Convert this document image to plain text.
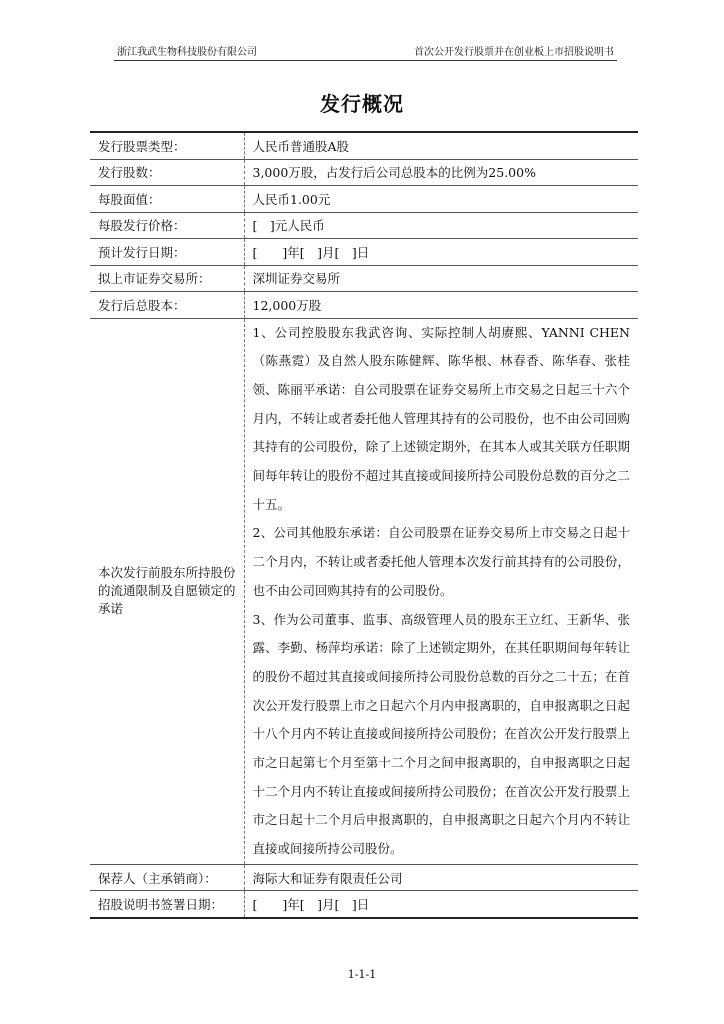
浙江我武生物科技股份有限公司	首次公开发行股票并在创业板上市招股说明书
发行概况
发行股票类型：	人民币普通股A股
发行股数：	3,000万股，占发行后公司总股本的比例为25.00%
每股面值：	人民币1.00元
每股发行价格：	[　]元人民币
预计发行日期：	[　　]年[　]月[　]日
拟上市证券交易所：	深圳证券交易所
发行后总股本：	12,000万股
本次发行前股东所持股份的流通限制及自愿锁定的承诺	1、公司控股股东我武咨询、实际控制人胡赓熙、YANNI CHEN（陈燕霓）及自然人股东陈健辉、陈华根、林春香、陈华春、张桂领、陈丽平承诺：自公司股票在证券交易所上市交易之日起三十六个月内，不转让或者委托他人管理其持有的公司股份，也不由公司回购其持有的公司股份，除了上述锁定期外，在其本人或其关联方任职期间每年转让的股份不超过其直接或间接所持公司股份总数的百分之二十五。
2、公司其他股东承诺：自公司股票在证券交易所上市交易之日起十二个月内，不转让或者委托他人管理本次发行前其持有的公司股份，也不由公司回购其持有的公司股份。
3、作为公司董事、监事、高级管理人员的股东王立红、王新华、张露、李勤、杨萍均承诺：除了上述锁定期外，在其任职期间每年转让的股份不超过其直接或间接所持公司股份总数的百分之二十五；在首次公开发行股票上市之日起六个月内申报离职的，自申报离职之日起十八个月内不转让直接或间接所持公司股份；在首次公开发行股票上市之日起第七个月至第十二个月之间申报离职的，自申报离职之日起十二个月内不转让直接或间接所持公司股份；在首次公开发行股票上市之日起十二个月后申报离职的，自申报离职之日起六个月内不转让直接或间接所持公司股份。

保荐人（主承销商）：	海际大和证券有限责任公司
招股说明书签署日期：	[　　]年[　]月[　]日
1-1-1
